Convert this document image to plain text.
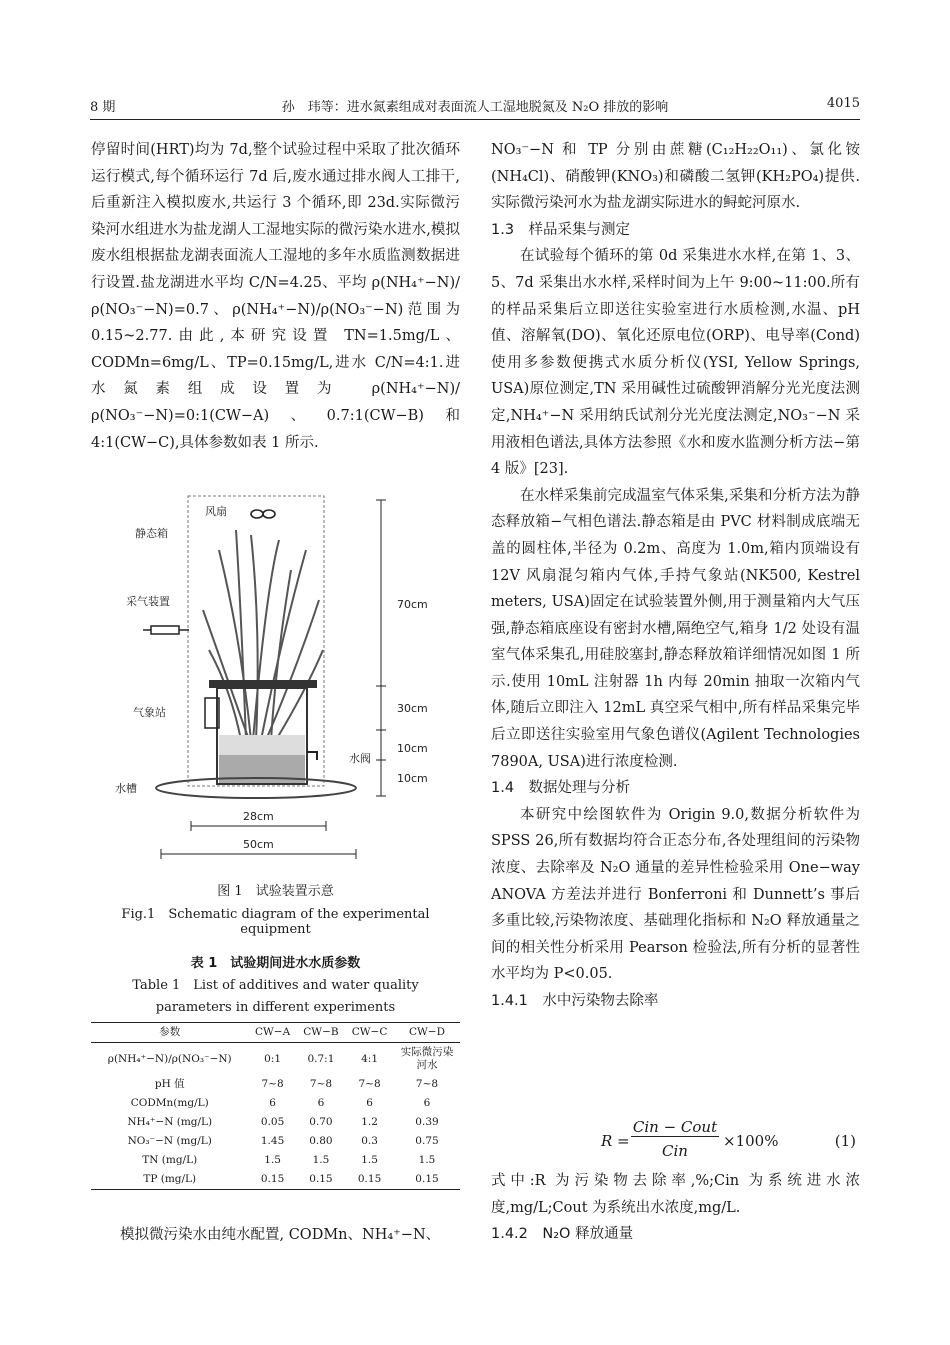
8 期	孙　玮等：进水氮素组成对表面流人工湿地脱氮及 N₂O 排放的影响	4015

停留时间(HRT)均为 7d,整个试验过程中采取了批次循环运行模式,每个循环运行 7d 后,废水通过排水阀人工排干,后重新注入模拟废水,共运行 3 个循环,即 23d.实际微污染河水组进水为盐龙湖人工湿地实际的微污染水进水,模拟废水组根据盐龙湖表面流人工湿地的多年水质监测数据进行设置.盐龙湖进水平均 C/N=4.25、平均 ρ(NH₄⁺−N)/ρ(NO₃⁻−N)=0.7、ρ(NH₄⁺−N)/ρ(NO₃⁻−N)范围为 0.15~2.77.由此,本研究设置 TN=1.5mg/L、CODMn=6mg/L、TP=0.15mg/L,进水 C/N=4:1.进水氮素组成设置为 ρ(NH₄⁺−N)/ρ(NO₃⁻−N)=0:1(CW−A)、0.7:1(CW−B)和 4:1(CW−C),具体参数如表 1 所示.

风扇
静态箱
采气装置
气象站
水阀
水槽
70cm
30cm
10cm
10cm
28cm
50cm
图 1　试验装置示意
Fig.1　Schematic diagram of the experimental equipment
表 1　试验期间进水水质参数
Table 1　List of additives and water quality parameters in different experiments
参数	CW−A	CW−B	CW−C	CW−D
ρ(NH₄⁺−N)/ρ(NO₃⁻−N)	0:1	0.7:1	4:1	实际微污染河水
pH 值	7~8	7~8	7~8	7~8
CODMn(mg/L)	6	6	6	6
NH₄⁺−N (mg/L)	0.05	0.70	1.2	0.39
NO₃⁻−N (mg/L)	1.45	0.80	0.3	0.75
TN (mg/L)	1.5	1.5	1.5	1.5
TP (mg/L)	0.15	0.15	0.15	0.15

模拟微污染水由纯水配置, CODMn、NH₄⁺−N、

NO₃⁻−N 和 TP 分别由蔗糖(C₁₂H₂₂O₁₁)、氯化铵(NH₄Cl)、硝酸钾(KNO₃)和磷酸二氢钾(KH₂PO₄)提供.实际微污染河水为盐龙湖实际进水的鲟蛇河原水.

1.3　样品采集与测定

在试验每个循环的第 0d 采集进水水样,在第 1、3、5、7d 采集出水水样,采样时间为上午 9:00~11:00.所有的样品采集后立即送往实验室进行水质检测,水温、pH 值、溶解氧(DO)、氧化还原电位(ORP)、电导率(Cond)使用多参数便携式水质分析仪(YSI, Yellow Springs, USA)原位测定,TN 采用碱性过硫酸钾消解分光光度法测定,NH₄⁺−N 采用纳氏试剂分光光度法测定,NO₃⁻−N 采用液相色谱法,具体方法参照《水和废水监测分析方法−第 4 版》[23].

在水样采集前完成温室气体采集,采集和分析方法为静态释放箱−气相色谱法.静态箱是由 PVC 材料制成底端无盖的圆柱体,半径为 0.2m、高度为 1.0m,箱内顶端设有 12V 风扇混匀箱内气体,手持气象站(NK500, Kestrel meters, USA)固定在试验装置外侧,用于测量箱内大气压强,静态箱底座设有密封水槽,隔绝空气,箱身 1/2 处设有温室气体采集孔,用硅胶塞封,静态释放箱详细情况如图 1 所示.使用 10mL 注射器 1h 内每 20min 抽取一次箱内气体,随后立即注入 12mL 真空采气相中,所有样品采集完毕后立即送往实验室用气象色谱仪(Agilent Technologies 7890A, USA)进行浓度检测.

1.4　数据处理与分析

本研究中绘图软件为 Origin 9.0,数据分析软件为 SPSS 26,所有数据均符合正态分布,各处理组间的污染物浓度、去除率及 N₂O 通量的差异性检验采用 One−way ANOVA 方差法并进行 Bonferroni 和 Dunnett’s 事后多重比较,污染物浓度、基础理化指标和 N₂O 释放通量之间的相关性分析采用 Pearson 检验法,所有分析的显著性水平均为 P<0.05.

1.4.1　水中污染物去除率

R =
Cin − Cout
Cin
×100%	(1)

式中:R 为污染物去除率,%;Cin 为系统进水浓度,mg/L;Cout 为系统出水浓度,mg/L.

1.4.2　N₂O 释放通量
